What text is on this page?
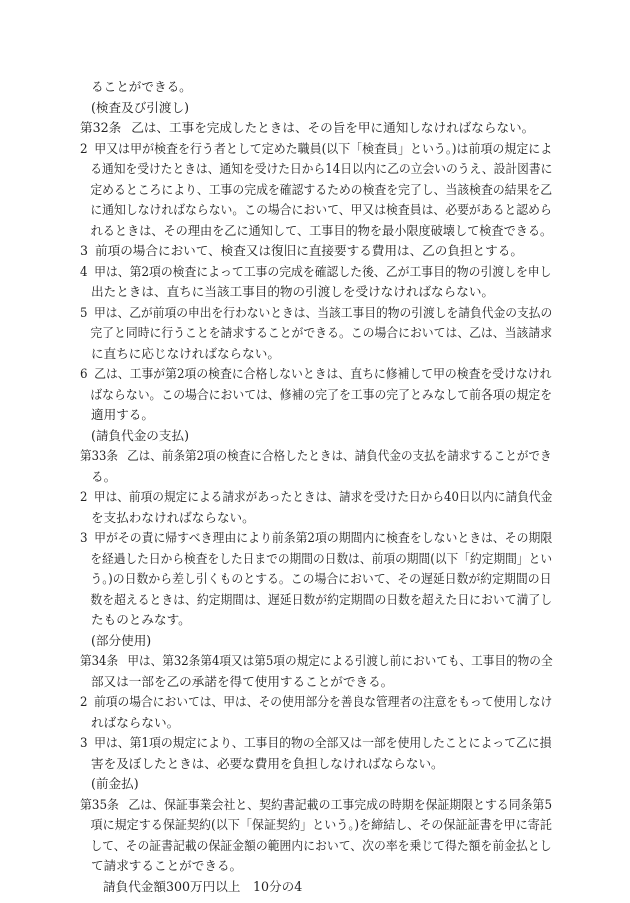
ることができる。
(検査及び引渡し)
第32条 乙は、工事を完成したときは、その旨を甲に通知しなければならない。
2 甲又は甲が検査を行う者として定めた職員(以下「検査員」という。)は前項の規定によ
る通知を受けたときは、通知を受けた日から14日以内に乙の立会いのうえ、設計図書に
定めるところにより、工事の完成を確認するための検査を完了し、当該検査の結果を乙
に通知しなければならない。この場合において、甲又は検査員は、必要があると認めら
れるときは、その理由を乙に通知して、工事目的物を最小限度破壊して検査できる。
3 前項の場合において、検査又は復旧に直接要する費用は、乙の負担とする。
4 甲は、第2項の検査によって工事の完成を確認した後、乙が工事目的物の引渡しを申し
出たときは、直ちに当該工事目的物の引渡しを受けなければならない。
5 甲は、乙が前項の申出を行わないときは、当該工事目的物の引渡しを請負代金の支払の
完了と同時に行うことを請求することができる。この場合においては、乙は、当該請求
に直ちに応じなければならない。
6 乙は、工事が第2項の検査に合格しないときは、直ちに修補して甲の検査を受けなけれ
ばならない。この場合においては、修補の完了を工事の完了とみなして前各項の規定を
適用する。
(請負代金の支払)
第33条 乙は、前条第2項の検査に合格したときは、請負代金の支払を請求することができ
る。
2 甲は、前項の規定による請求があったときは、請求を受けた日から40日以内に請負代金
を支払わなければならない。
3 甲がその責に帰すべき理由により前条第2項の期間内に検査をしないときは、その期限
を経過した日から検査をした日までの期間の日数は、前項の期間(以下「約定期間」とい
う。)の日数から差し引くものとする。この場合において、その遅延日数が約定期間の日
数を超えるときは、約定期間は、遅延日数が約定期間の日数を超えた日において満了し
たものとみなす。
(部分使用)
第34条 甲は、第32条第4項又は第5項の規定による引渡し前においても、工事目的物の全
部又は一部を乙の承諾を得て使用することができる。
2 前項の場合においては、甲は、その使用部分を善良な管理者の注意をもって使用しなけ
ればならない。
3 甲は、第1項の規定により、工事目的物の全部又は一部を使用したことによって乙に損
害を及ぼしたときは、必要な費用を負担しなければならない。
(前金払)
第35条 乙は、保証事業会社と、契約書記載の工事完成の時期を保証期限とする同条第5
項に規定する保証契約(以下「保証契約」という。)を締結し、その保証証書を甲に寄託
して、その証書記載の保証金額の範囲内において、次の率を乗じて得た額を前金払とし
て請求することができる。
請負代金額300万円以上　10分の4
